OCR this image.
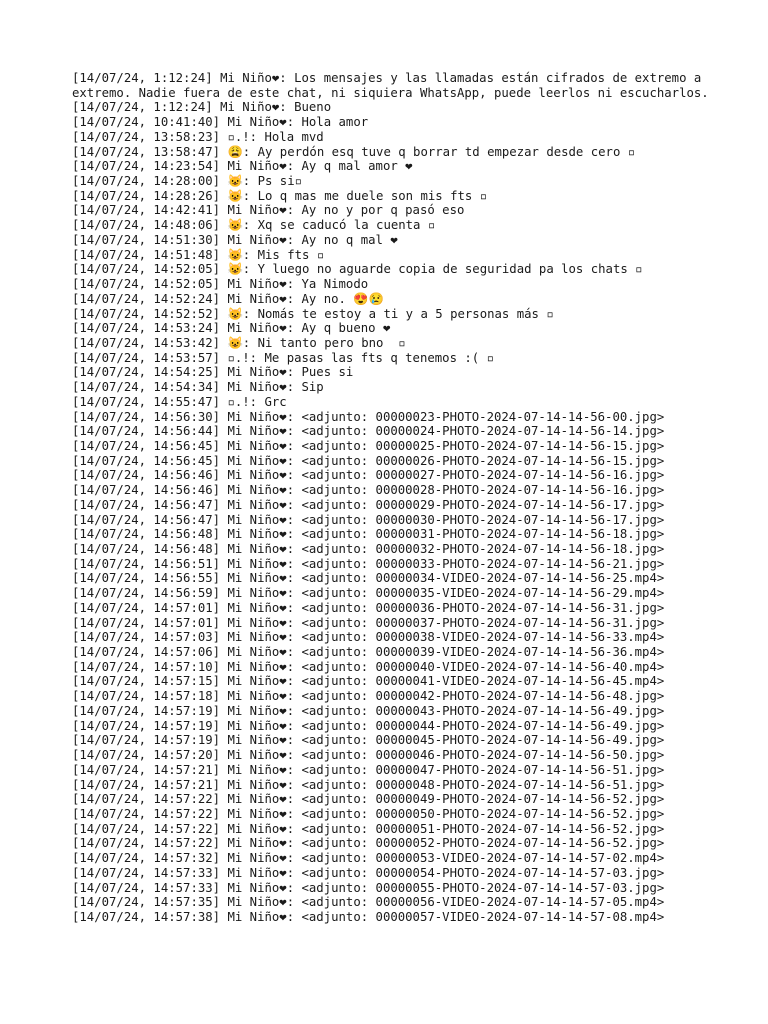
‎[14/07/24, 1:12:24] Mi Niño❤: Los mensajes y las llamadas están cifrados de extremo a extremo. Nadie fuera de este chat, ni siquiera WhatsApp, puede leerlos ni escucharlos.
‎[14/07/24, 1:12:24] Mi Niño❤: Bueno
‎[14/07/24, 10:41:40] Mi Niño❤: Hola amor
[14/07/24, 13:58:23] ▫.!: Hola mvd
[14/07/24, 13:58:47] 😩: Ay perdón esq tuve q borrar td empezar desde cero ▫
[14/07/24, 14:23:54] Mi Niño❤: Ay q mal amor ❤
[14/07/24, 14:28:00] 😺: Ps si▫
[14/07/24, 14:28:26] 😺: Lo q mas me duele son mis fts ▫
‎[14/07/24, 14:42:41] Mi Niño❤: Ay no y por q pasó eso
[14/07/24, 14:48:06] 😺: Xq se caducó la cuenta ▫
[14/07/24, 14:51:30] Mi Niño❤: Ay no q mal ❤
[14/07/24, 14:51:48] 😺: Mis fts ▫
[14/07/24, 14:52:05] 😺: Y luego no aguarde copia de seguridad pa los chats ▫
‎[14/07/24, 14:52:05] Mi Niño❤: Ya Nimodo
[14/07/24, 14:52:24] Mi Niño❤: Ay no. 😍😢
[14/07/24, 14:52:52] 😺: Nomás te estoy a ti y a 5 personas más ▫
‎[14/07/24, 14:53:24] Mi Niño❤: Ay q bueno ❤
[14/07/24, 14:53:42] 😺: Ni tanto pero bno  ▫
[14/07/24, 14:53:57] ▫.!: Me pasas las fts q tenemos :( ▫
‎[14/07/24, 14:54:25] Mi Niño❤: Pues si
‎[14/07/24, 14:54:34] Mi Niño❤: Sip
[14/07/24, 14:55:47] ▫.!: Grc
‎[14/07/24, 14:56:30] Mi Niño❤: <adjunto: 00000023-PHOTO-2024-07-14-14-56-00.jpg>
‎[14/07/24, 14:56:44] Mi Niño❤: <adjunto: 00000024-PHOTO-2024-07-14-14-56-14.jpg>
‎[14/07/24, 14:56:45] Mi Niño❤: <adjunto: 00000025-PHOTO-2024-07-14-14-56-15.jpg>
‎[14/07/24, 14:56:45] Mi Niño❤: <adjunto: 00000026-PHOTO-2024-07-14-14-56-15.jpg>
‎[14/07/24, 14:56:46] Mi Niño❤: <adjunto: 00000027-PHOTO-2024-07-14-14-56-16.jpg>
‎[14/07/24, 14:56:46] Mi Niño❤: <adjunto: 00000028-PHOTO-2024-07-14-14-56-16.jpg>
‎[14/07/24, 14:56:47] Mi Niño❤: <adjunto: 00000029-PHOTO-2024-07-14-14-56-17.jpg>
‎[14/07/24, 14:56:47] Mi Niño❤: <adjunto: 00000030-PHOTO-2024-07-14-14-56-17.jpg>
‎[14/07/24, 14:56:48] Mi Niño❤: <adjunto: 00000031-PHOTO-2024-07-14-14-56-18.jpg>
‎[14/07/24, 14:56:48] Mi Niño❤: <adjunto: 00000032-PHOTO-2024-07-14-14-56-18.jpg>
‎[14/07/24, 14:56:51] Mi Niño❤: <adjunto: 00000033-PHOTO-2024-07-14-14-56-21.jpg>
‎[14/07/24, 14:56:55] Mi Niño❤: <adjunto: 00000034-VIDEO-2024-07-14-14-56-25.mp4>
‎[14/07/24, 14:56:59] Mi Niño❤: <adjunto: 00000035-VIDEO-2024-07-14-14-56-29.mp4>
‎[14/07/24, 14:57:01] Mi Niño❤: <adjunto: 00000036-PHOTO-2024-07-14-14-56-31.jpg>
‎[14/07/24, 14:57:01] Mi Niño❤: <adjunto: 00000037-PHOTO-2024-07-14-14-56-31.jpg>
‎[14/07/24, 14:57:03] Mi Niño❤: <adjunto: 00000038-VIDEO-2024-07-14-14-56-33.mp4>
‎[14/07/24, 14:57:06] Mi Niño❤: <adjunto: 00000039-VIDEO-2024-07-14-14-56-36.mp4>
‎[14/07/24, 14:57:10] Mi Niño❤: <adjunto: 00000040-VIDEO-2024-07-14-14-56-40.mp4>
‎[14/07/24, 14:57:15] Mi Niño❤: <adjunto: 00000041-VIDEO-2024-07-14-14-56-45.mp4>
‎[14/07/24, 14:57:18] Mi Niño❤: <adjunto: 00000042-PHOTO-2024-07-14-14-56-48.jpg>
‎[14/07/24, 14:57:19] Mi Niño❤: <adjunto: 00000043-PHOTO-2024-07-14-14-56-49.jpg>
‎[14/07/24, 14:57:19] Mi Niño❤: <adjunto: 00000044-PHOTO-2024-07-14-14-56-49.jpg>
‎[14/07/24, 14:57:19] Mi Niño❤: <adjunto: 00000045-PHOTO-2024-07-14-14-56-49.jpg>
‎[14/07/24, 14:57:20] Mi Niño❤: <adjunto: 00000046-PHOTO-2024-07-14-14-56-50.jpg>
‎[14/07/24, 14:57:21] Mi Niño❤: <adjunto: 00000047-PHOTO-2024-07-14-14-56-51.jpg>
‎[14/07/24, 14:57:21] Mi Niño❤: <adjunto: 00000048-PHOTO-2024-07-14-14-56-51.jpg>
‎[14/07/24, 14:57:22] Mi Niño❤: <adjunto: 00000049-PHOTO-2024-07-14-14-56-52.jpg>
‎[14/07/24, 14:57:22] Mi Niño❤: <adjunto: 00000050-PHOTO-2024-07-14-14-56-52.jpg>
‎[14/07/24, 14:57:22] Mi Niño❤: <adjunto: 00000051-PHOTO-2024-07-14-14-56-52.jpg>
‎[14/07/24, 14:57:22] Mi Niño❤: <adjunto: 00000052-PHOTO-2024-07-14-14-56-52.jpg>
‎[14/07/24, 14:57:32] Mi Niño❤: <adjunto: 00000053-VIDEO-2024-07-14-14-57-02.mp4>
‎[14/07/24, 14:57:33] Mi Niño❤: <adjunto: 00000054-PHOTO-2024-07-14-14-57-03.jpg>
‎[14/07/24, 14:57:33] Mi Niño❤: <adjunto: 00000055-PHOTO-2024-07-14-14-57-03.jpg>
‎[14/07/24, 14:57:35] Mi Niño❤: <adjunto: 00000056-VIDEO-2024-07-14-14-57-05.mp4>
‎[14/07/24, 14:57:38] Mi Niño❤: <adjunto: 00000057-VIDEO-2024-07-14-14-57-08.mp4>
